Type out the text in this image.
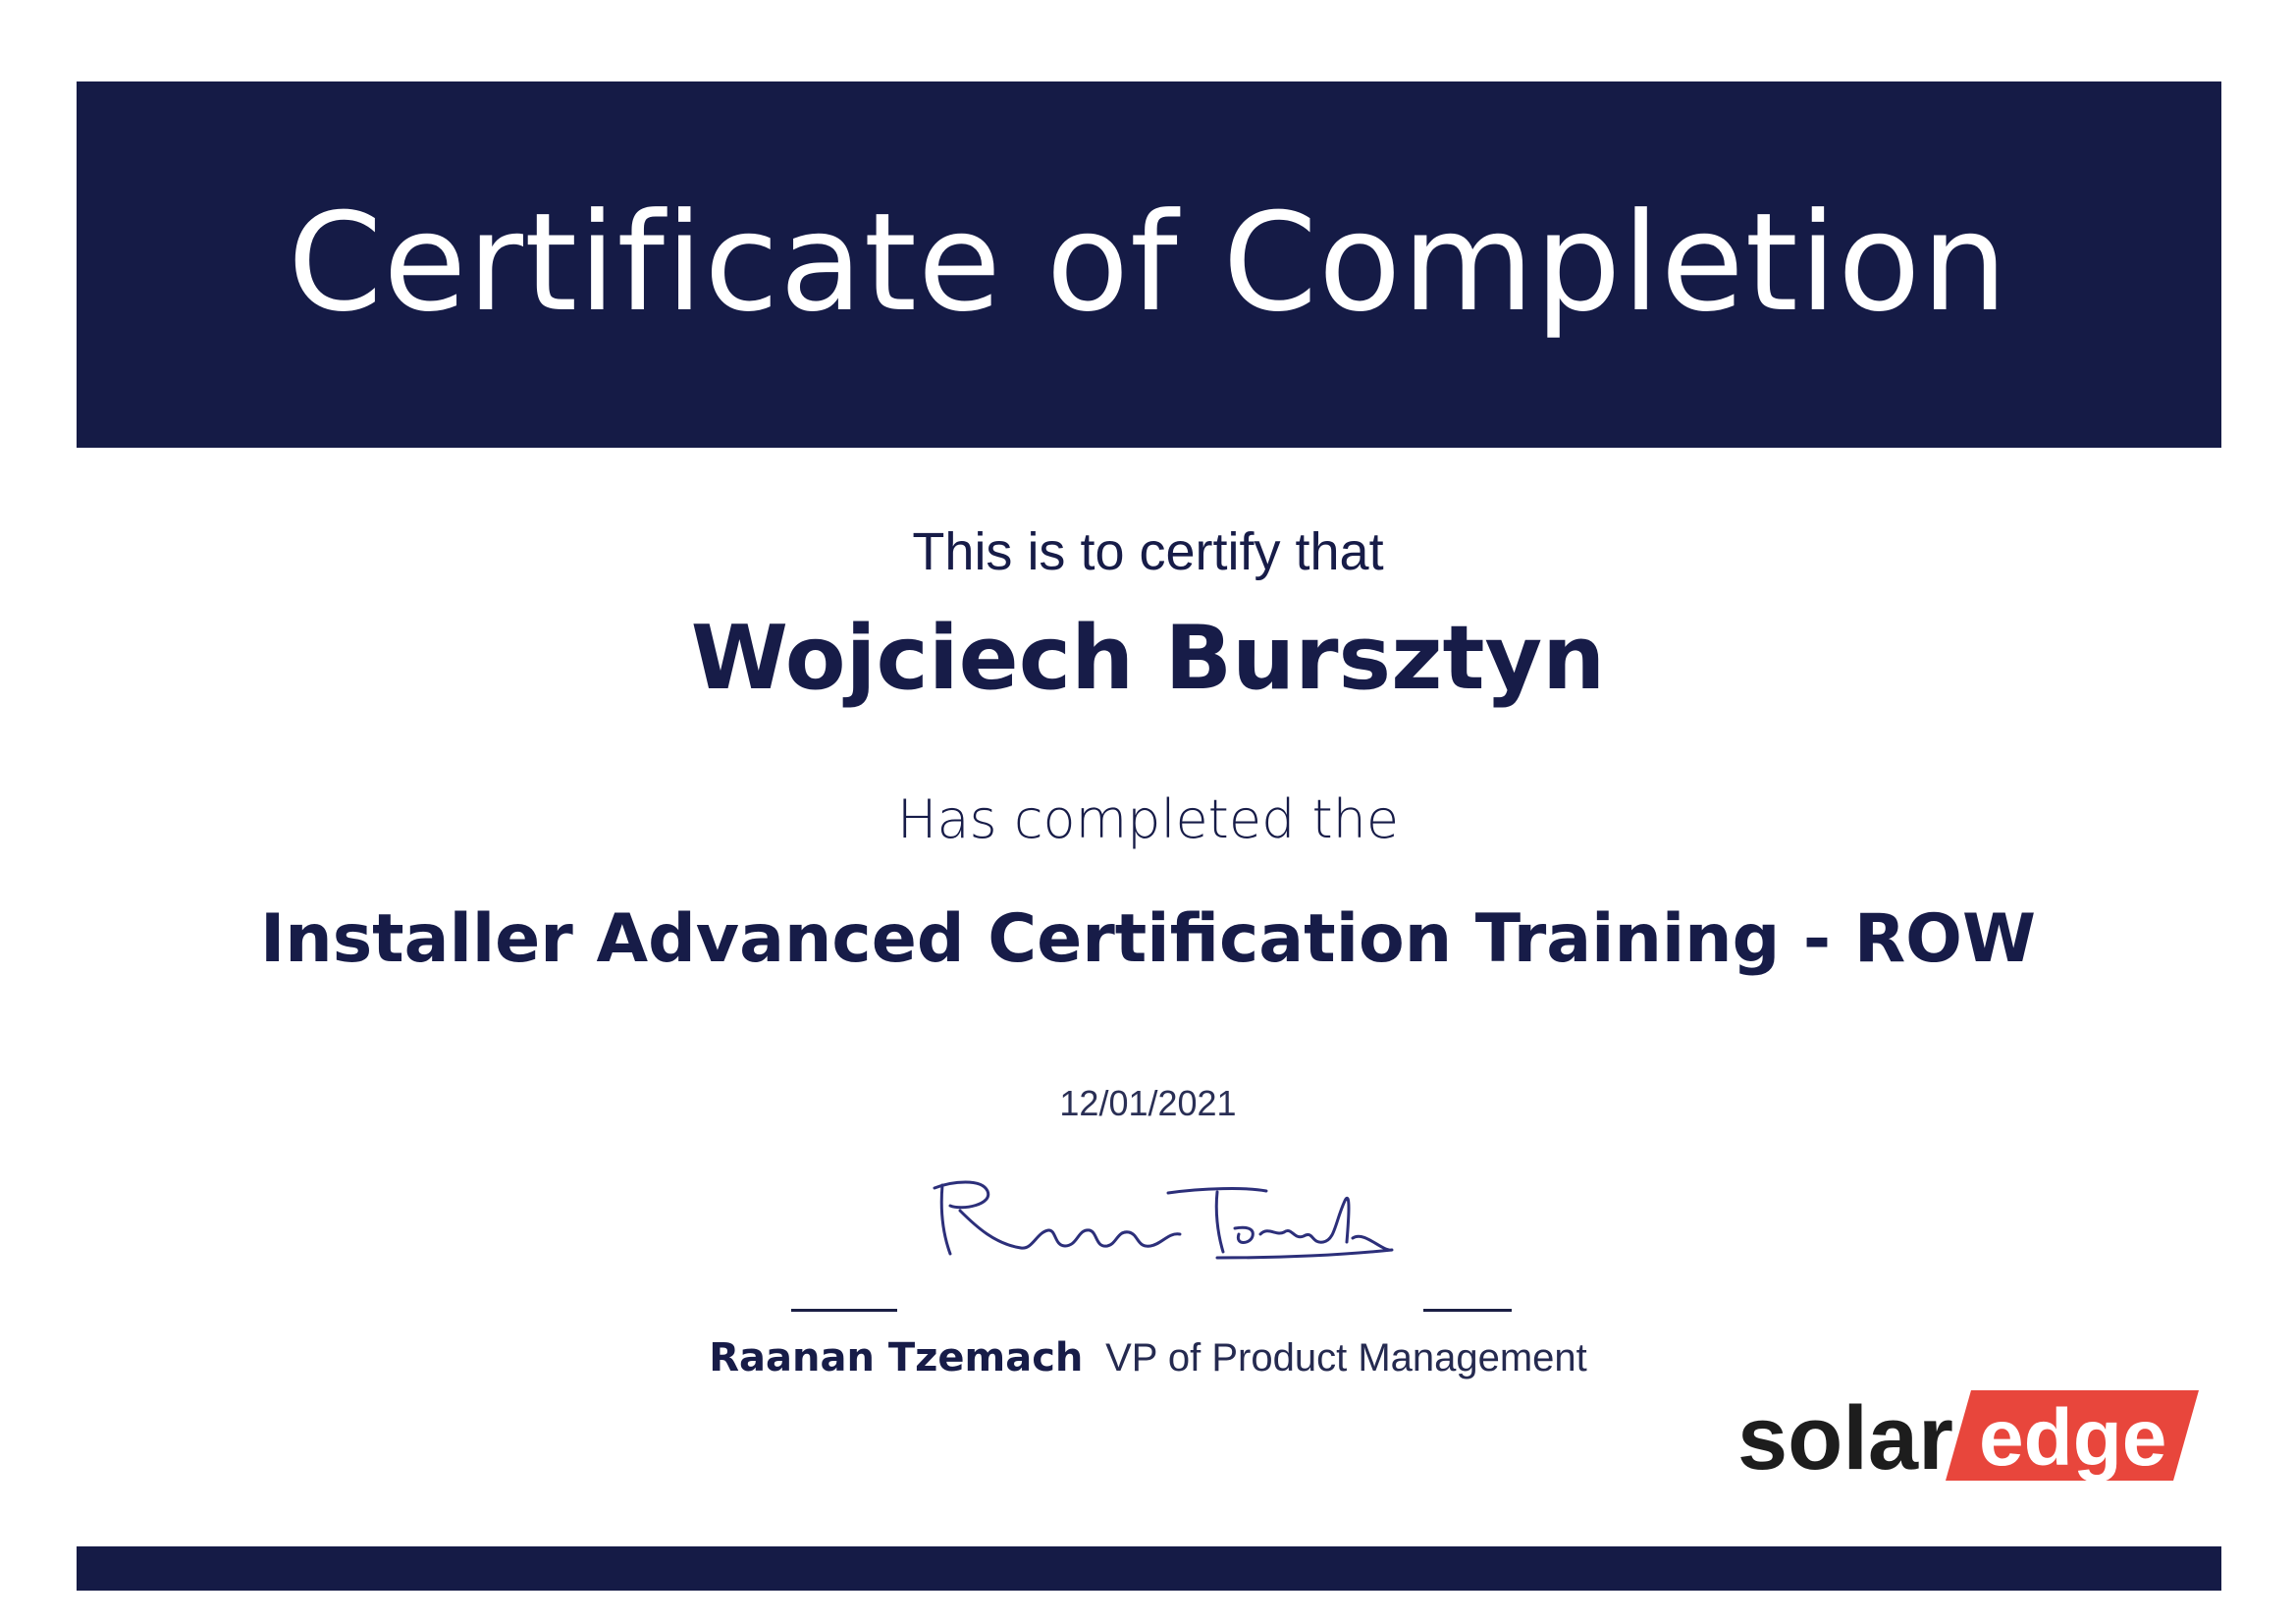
Certificate of Completion
This is to certify that
Wojciech Bursztyn
Has completed the
Installer Advanced Certification Training - ROW
12/01/2021
Raanan Tzemach VP of Product Management
solar edge
